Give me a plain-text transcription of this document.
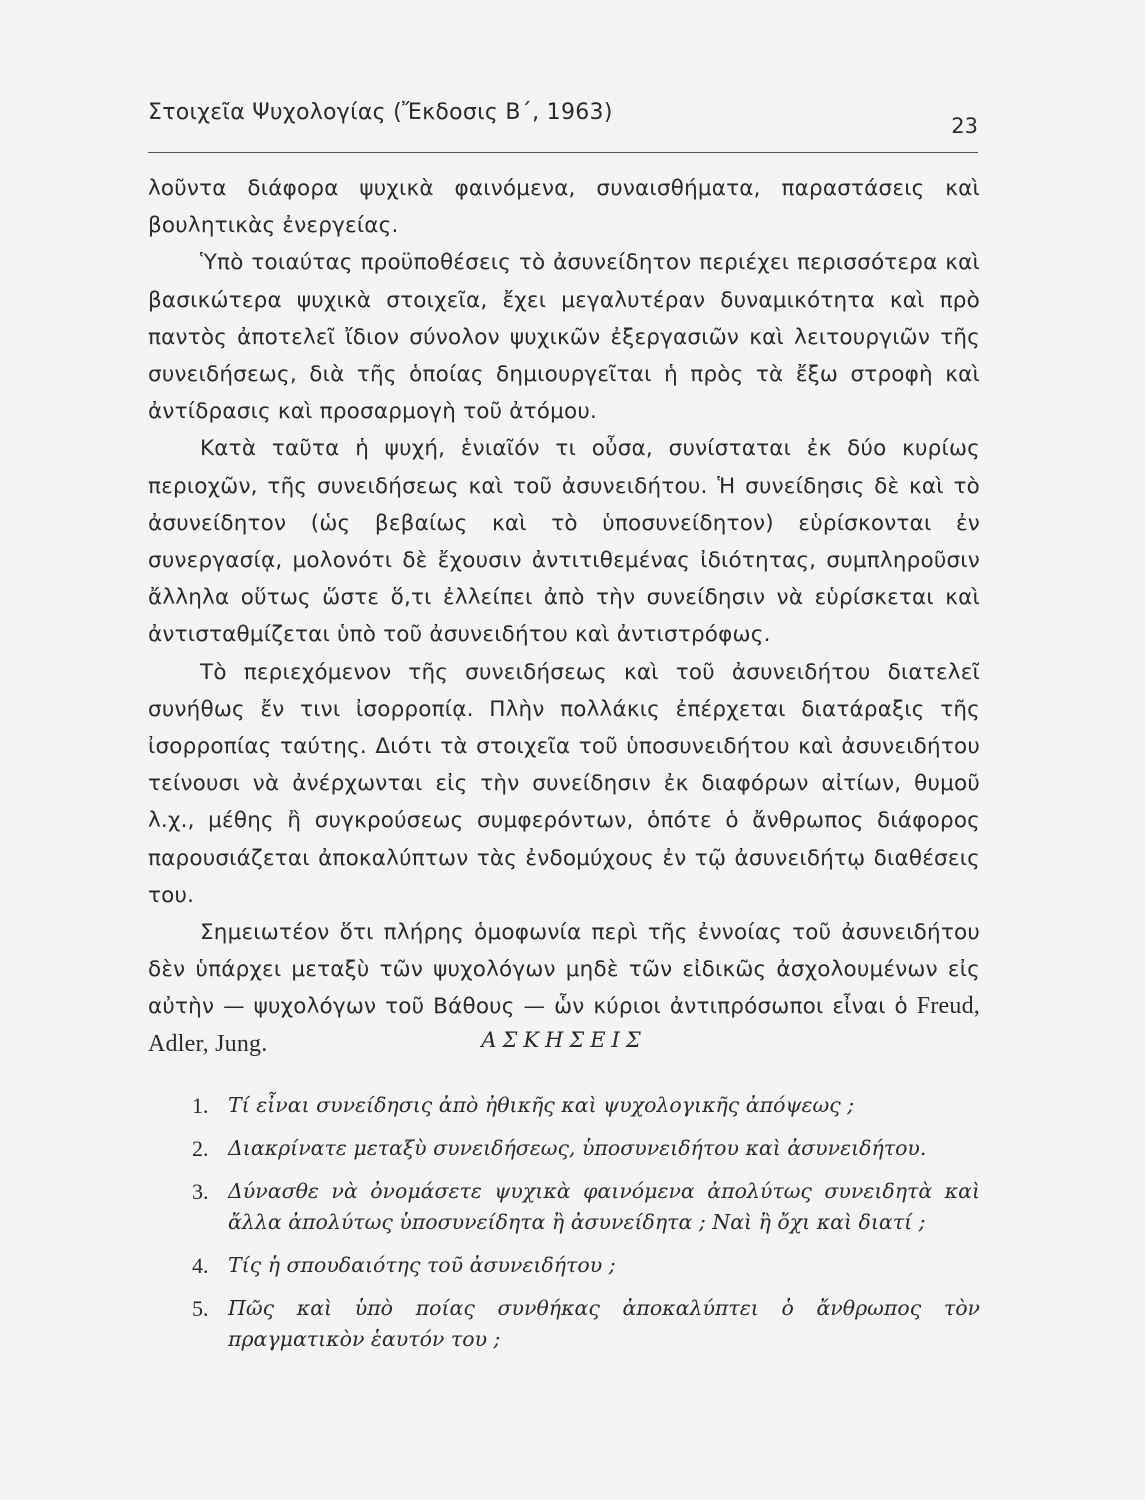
Στοιχεῖα Ψυχολογίας (Ἔκδοσις Β΄, 1963)
23

λοῦντα διάφορα ψυχικὰ φαινόμενα, συναισθήματα, παραστάσεις καὶ βουλητικὰς ἐνεργείας.

Ὑπὸ τοιαύτας προϋποθέσεις τὸ ἀσυνείδητον περιέχει περισσότερα καὶ βασικώτερα ψυχικὰ στοιχεῖα, ἔχει μεγαλυτέραν δυναμικότητα καὶ πρὸ παντὸς ἀποτελεῖ ἴδιον σύνολον ψυχικῶν ἐξεργασιῶν καὶ λειτουργιῶν τῆς συνειδήσεως, διὰ τῆς ὁποίας δημιουργεῖται ἡ πρὸς τὰ ἔξω στροφὴ καὶ ἀντίδρασις καὶ προσαρμογὴ τοῦ ἀτόμου.

Κατὰ ταῦτα ἡ ψυχή, ἑνιαῖόν τι οὖσα, συνίσταται ἐκ δύο κυρίως περιοχῶν, τῆς συνειδήσεως καὶ τοῦ ἀσυνειδήτου. Ἡ συνείδησις δὲ καὶ τὸ ἀσυνείδητον (ὡς βεβαίως καὶ τὸ ὑποσυνείδητον) εὑρίσκονται ἐν συνεργασίᾳ, μολονότι δὲ ἔχουσιν ἀντιτιθεμένας ἰδιότητας, συμπληροῦσιν ἄλληλα οὕτως ὥστε ὅ,τι ἐλλείπει ἀπὸ τὴν συνείδησιν νὰ εὑρίσκεται καὶ ἀντισταθμίζεται ὑπὸ τοῦ ἀσυνειδήτου καὶ ἀντιστρόφως.

Τὸ περιεχόμενον τῆς συνειδήσεως καὶ τοῦ ἀσυνειδήτου διατελεῖ συνήθως ἔν τινι ἰσορροπίᾳ. Πλὴν πολλάκις ἐπέρχεται διατάραξις τῆς ἰσορροπίας ταύτης. Διότι τὰ στοιχεῖα τοῦ ὑποσυνειδήτου καὶ ἀσυνειδήτου τείνουσι νὰ ἀνέρχωνται εἰς τὴν συνείδησιν ἐκ διαφόρων αἰτίων, θυμοῦ λ.χ., μέθης ἢ συγκρούσεως συμφερόντων, ὁπότε ὁ ἄνθρωπος διάφορος παρουσιάζεται ἀποκαλύπτων τὰς ἐνδομύχους ἐν τῷ ἀσυνειδήτῳ διαθέσεις του.

Σημειωτέον ὅτι πλήρης ὁμοφωνία περὶ τῆς ἐννοίας τοῦ ἀσυνειδήτου δὲν ὑπάρχει μεταξὺ τῶν ψυχολόγων μηδὲ τῶν εἰδικῶς ἀσχολουμένων εἰς αὐτὴν — ψυχολόγων τοῦ Βάθους — ὧν κύριοι ἀντιπρόσωποι εἶναι ὁ Freud, Adler, Jung.	ΑΣΚΗΣΕΙΣ
1. Τί εἶναι συνείδησις ἀπὸ ἠθικῆς καὶ ψυχολογικῆς ἀπόψεως ;
2. Διακρίνατε μεταξὺ συνειδήσεως, ὑποσυνειδήτου καὶ ἀσυνειδήτου.
3. Δύνασθε νὰ ὀνομάσετε ψυχικὰ φαινόμενα ἀπολύτως συνειδητὰ καὶ ἄλλα ἀπολύτως ὑποσυνείδητα ἢ ἀσυνείδητα ; Ναὶ ἢ ὄχι καὶ διατί ;
4. Τίς ἡ σπουδαιότης τοῦ ἀσυνειδήτου ;
5. Πῶς καὶ ὑπὸ ποίας συνθήκας ἀποκαλύπτει ὁ ἄνθρωπος τὸν πραγματικὸν ἑαυτόν του ;
